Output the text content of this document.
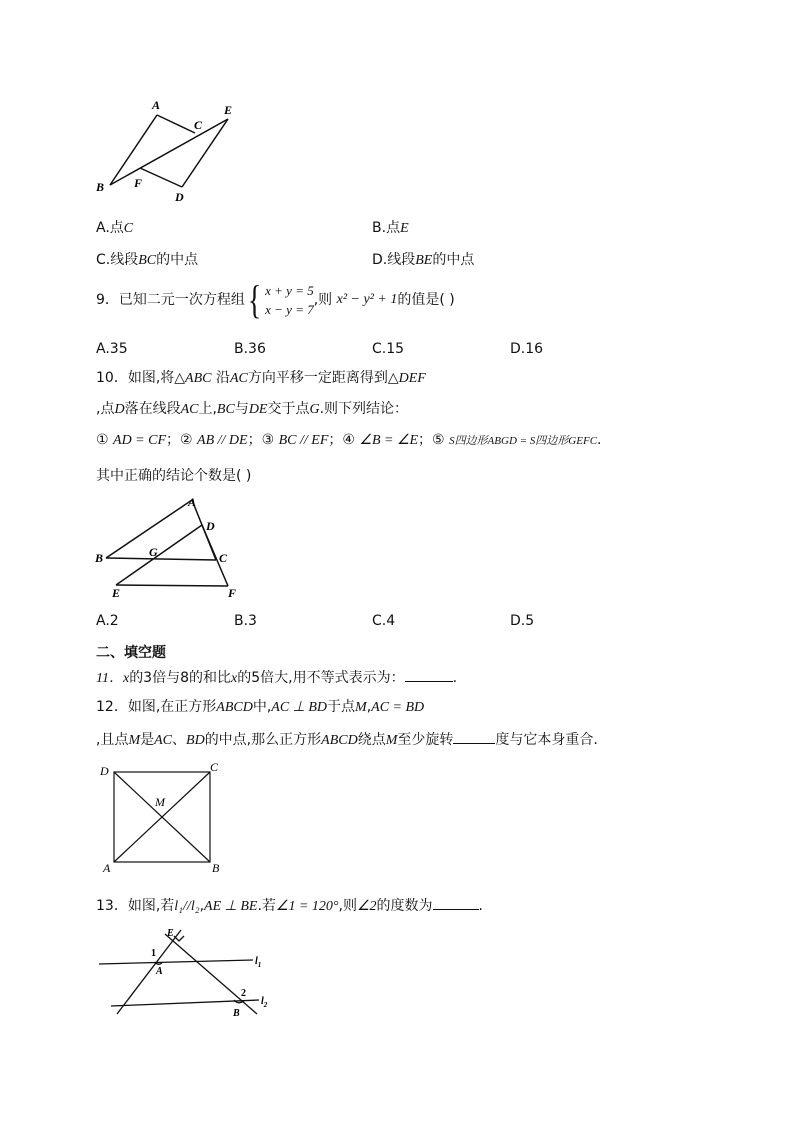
A
B
C
D
E
F
A.点C	B.点E
C.线段BC的中点	D.线段BE的中点
9． 已知二元一次方程组 { x + y = 5
x − y = 7
,则
x² − y² + 1 的值是( )
A.35	B.36	C.15	D.16
10．如图,将△ABC 沿AC方向平移一定距离得到△DEF
,点D落在线段AC上,BC与DE交于点G.则下列结论：
① AD = CF；② AB // DE；③ BC // EF；④ ∠B = ∠E；⑤ S四边形ABGD = S四边形GEFC.
其中正确的结论个数是( )
A
B	C
D
E	F
G
A.2	B.3	C.4	D.5
二、填空题
11．x的3倍与8的和比x的5倍大,用不等式表示为：	.
12．如图,在正方形ABCD中,AC ⊥ BD于点M,AC = BD
,且点M是AC、BD的中点,那么正方形ABCD绕点M至少旋转	度与它本身重合.
A	B
C
D
M
13．如图,若l₁//l₂,AE ⊥ BE.若∠1 = 120°,则∠2的度数为	.
E
A
B
1
2
$l_1$
$l_2$
